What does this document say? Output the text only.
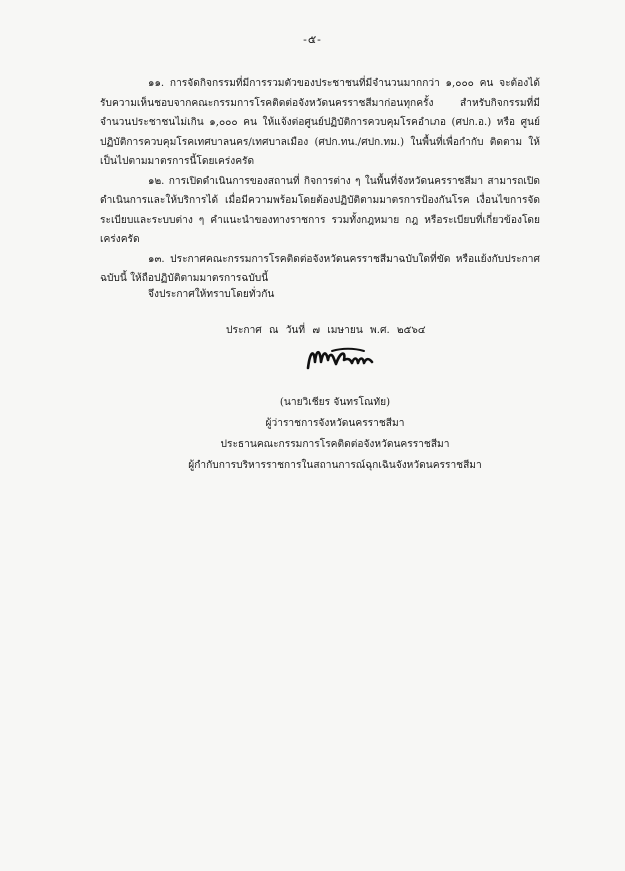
-๕-

๑๑. การจัดกิจกรรมที่มีการรวมตัวของประชาชนที่มีจำนวนมากกว่า ๑,๐๐๐ คน จะต้องได้รับความเห็นชอบจากคณะกรรมการโรคติดต่อจังหวัดนครราชสีมาก่อนทุกครั้ง สำหรับกิจกรรมที่มีจำนวนประชาชนไม่เกิน ๑,๐๐๐ คน ให้แจ้งต่อศูนย์ปฏิบัติการควบคุมโรคอำเภอ (ศปก.อ.) หรือ ศูนย์ปฏิบัติการควบคุมโรคเทศบาลนคร/เทศบาลเมือง (ศปก.ทน./ศปก.ทม.) ในพื้นที่เพื่อกำกับ ติดตาม ให้เป็นไปตามมาตรการนี้โดยเคร่งครัด

๑๒. การเปิดดำเนินการของสถานที่ กิจการต่าง ๆ ในพื้นที่จังหวัดนครราชสีมา สามารถเปิดดำเนินการและให้บริการได้ เมื่อมีความพร้อมโดยต้องปฏิบัติตามมาตรการป้องกันโรค เงื่อนไขการจัดระเบียบและระบบต่าง ๆ คำแนะนำของทางราชการ รวมทั้งกฎหมาย กฎ หรือระเบียบที่เกี่ยวข้องโดยเคร่งครัด

๑๓. ประกาศคณะกรรมการโรคติดต่อจังหวัดนครราชสีมาฉบับใดที่ขัด หรือแย้งกับประกาศฉบับนี้ ให้ถือปฏิบัติตามมาตรการฉบับนี้

จึงประกาศให้ทราบโดยทั่วกัน
ประกาศ ณ วันที่ ๗ เมษายน พ.ศ. ๒๕๖๔
(นายวิเชียร จันทรโณทัย)
ผู้ว่าราชการจังหวัดนครราชสีมา
ประธานคณะกรรมการโรคติดต่อจังหวัดนครราชสีมา
ผู้กำกับการบริหารราชการในสถานการณ์ฉุกเฉินจังหวัดนครราชสีมา
